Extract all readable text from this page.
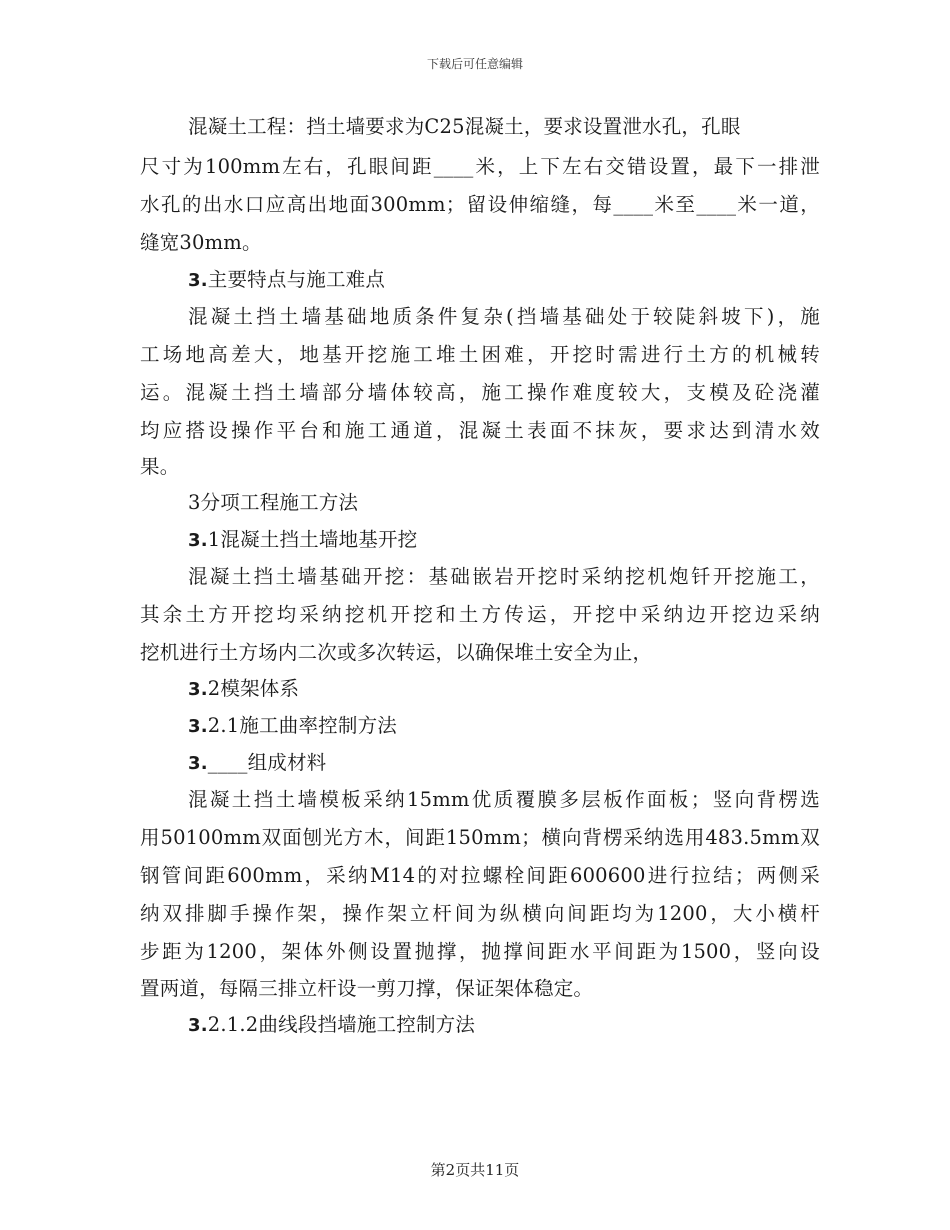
下载后可任意编辑
混凝土工程：挡土墙要求为C25混凝土，要求设置泄水孔，孔眼
尺寸为100mm左右，孔眼间距____米，上下左右交错设置，最下一排泄
水孔的出水口应高出地面300mm；留设伸缩缝，每____米至____米一道，
缝宽30mm。
3.主要特点与施工难点
混凝土挡土墙基础地质条件复杂(挡墙基础处于较陡斜坡下)，施
工场地高差大，地基开挖施工堆土困难，开挖时需进行土方的机械转
运。混凝土挡土墙部分墙体较高，施工操作难度较大，支模及砼浇灌
均应搭设操作平台和施工通道，混凝土表面不抹灰，要求达到清水效
果。
3分项工程施工方法
3.1混凝土挡土墙地基开挖
混凝土挡土墙基础开挖：基础嵌岩开挖时采纳挖机炮钎开挖施工，
其余土方开挖均采纳挖机开挖和土方传运，开挖中采纳边开挖边采纳
挖机进行土方场内二次或多次转运，以确保堆土安全为止，
3.2模架体系
3.2.1施工曲率控制方法
3.____组成材料
混凝土挡土墙模板采纳15mm优质覆膜多层板作面板；竖向背楞选
用50100mm双面刨光方木，间距150mm；横向背楞采纳选用483.5mm双
钢管间距600mm，采纳M14的对拉螺栓间距600600进行拉结；两侧采
纳双排脚手操作架，操作架立杆间为纵横向间距均为1200，大小横杆
步距为1200，架体外侧设置抛撑，抛撑间距水平间距为1500，竖向设
置两道，每隔三排立杆设一剪刀撑，保证架体稳定。
3.2.1.2曲线段挡墙施工控制方法
第2页共11页
